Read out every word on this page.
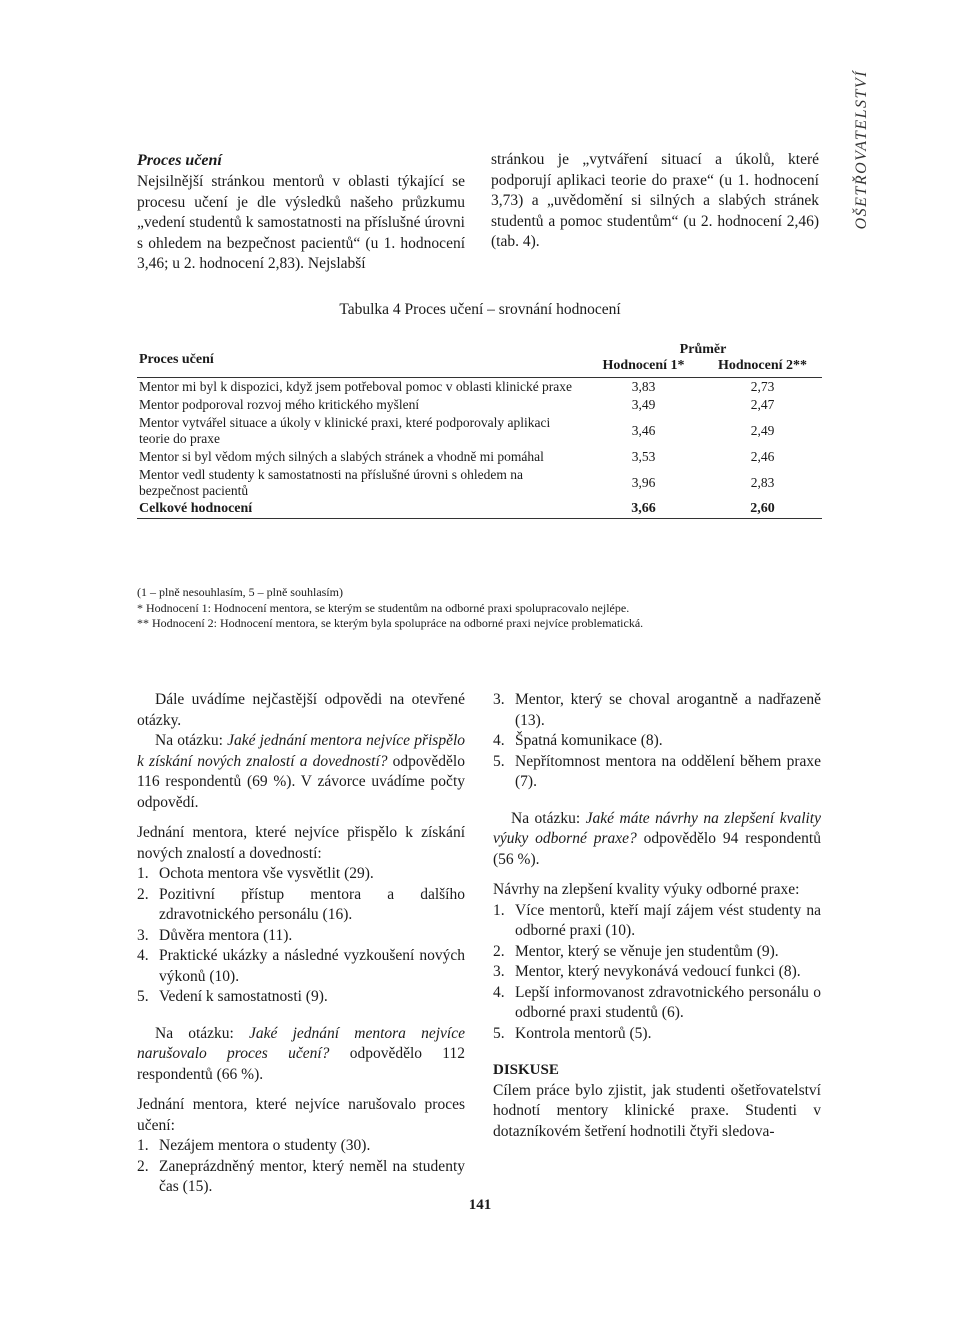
OŠETŘOVATELSTVÍ
Proces učení

Nejsilnější stránkou mentorů v oblasti týkající se procesu učení je dle výsledků našeho průzkumu „vedení studentů k samostatnosti na příslušné úrovni s ohledem na bezpečnost pacientů“ (u 1. hodnocení 3,46; u 2. hodnocení 2,83). Nejslabší

stránkou je „vytváření situací a úkolů, které podporují aplikaci teorie do praxe“ (u 1. hodnocení 3,73) a „uvědomění si silných a slabých stránek studentů a pomoc studentům“ (u 2. hodnocení 2,46) (tab. 4).

Tabulka 4 Proces učení – srovnání hodnocení
Proces učení	Průměr	
	Hodnocení 1*	Hodnocení 2**
Mentor mi byl k dispozici, když jsem potřeboval pomoc v oblasti klinické praxe	3,83	2,73
Mentor podporoval rozvoj mého kritického myšlení	3,49	2,47
Mentor vytvářel situace a úkoly v klinické praxi, které podporovaly aplikaci teorie do praxe	3,46	2,49
Mentor si byl vědom mých silných a slabých stránek a vhodně mi pomáhal	3,53	2,46
Mentor vedl studenty k samostatnosti na příslušné úrovni s ohledem na bezpečnost pacientů	3,96	2,83
Celkové hodnocení	3,66	2,60
(1 – plně nesouhlasím, 5 – plně souhlasím)
* Hodnocení 1: Hodnocení mentora, se kterým se studentům na odborné praxi spolupracovalo nejlépe.
** Hodnocení 2: Hodnocení mentora, se kterým byla spolupráce na odborné praxi nejvíce problematická.

Dále uvádíme nejčastější odpovědi na otevřené otázky.

Na otázku: Jaké jednání mentora nejvíce přispělo k získání nových znalostí a dovedností? odpovědělo 116 respondentů (69 %). V závorce uvádíme počty odpovědí.

Jednání mentora, které nejvíce přispělo k získání nových znalostí a dovedností:

1. Ochota mentora vše vysvětlit (29).
2. Pozitivní přístup mentora a dalšího zdravotnického personálu (16).
3. Důvěra mentora (11).
4. Praktické ukázky a následné vyzkoušení nových výkonů (10).
5. Vedení k samostatnosti (9).

Na otázku: Jaké jednání mentora nejvíce narušovalo proces učení? odpovědělo 112 respondentů (66 %).

Jednání mentora, které nejvíce narušovalo proces učení:

1. Nezájem mentora o studenty (30).
2. Zaneprázdněný mentor, který neměl na studenty čas (15).
3. Mentor, který se choval arogantně a nadřazeně (13).
4. Špatná komunikace (8).
5. Nepřítomnost mentora na oddělení během praxe (7).

Na otázku: Jaké máte návrhy na zlepšení kvality výuky odborné praxe? odpovědělo 94 respondentů (56 %).

Návrhy na zlepšení kvality výuky odborné praxe:

1. Více mentorů, kteří mají zájem vést studenty na odborné praxi (10).
2. Mentor, který se věnuje jen studentům (9).
3. Mentor, který nevykonává vedoucí funkci (8).
4. Lepší informovanost zdravotnického personálu o odborné praxi studentů (6).
5. Kontrola mentorů (5).

DISKUSE

Cílem práce bylo zjistit, jak studenti ošetřovatelství hodnotí mentory klinické praxe. Studenti v dotazníkovém šetření hodnotili čtyři sledova-

141
